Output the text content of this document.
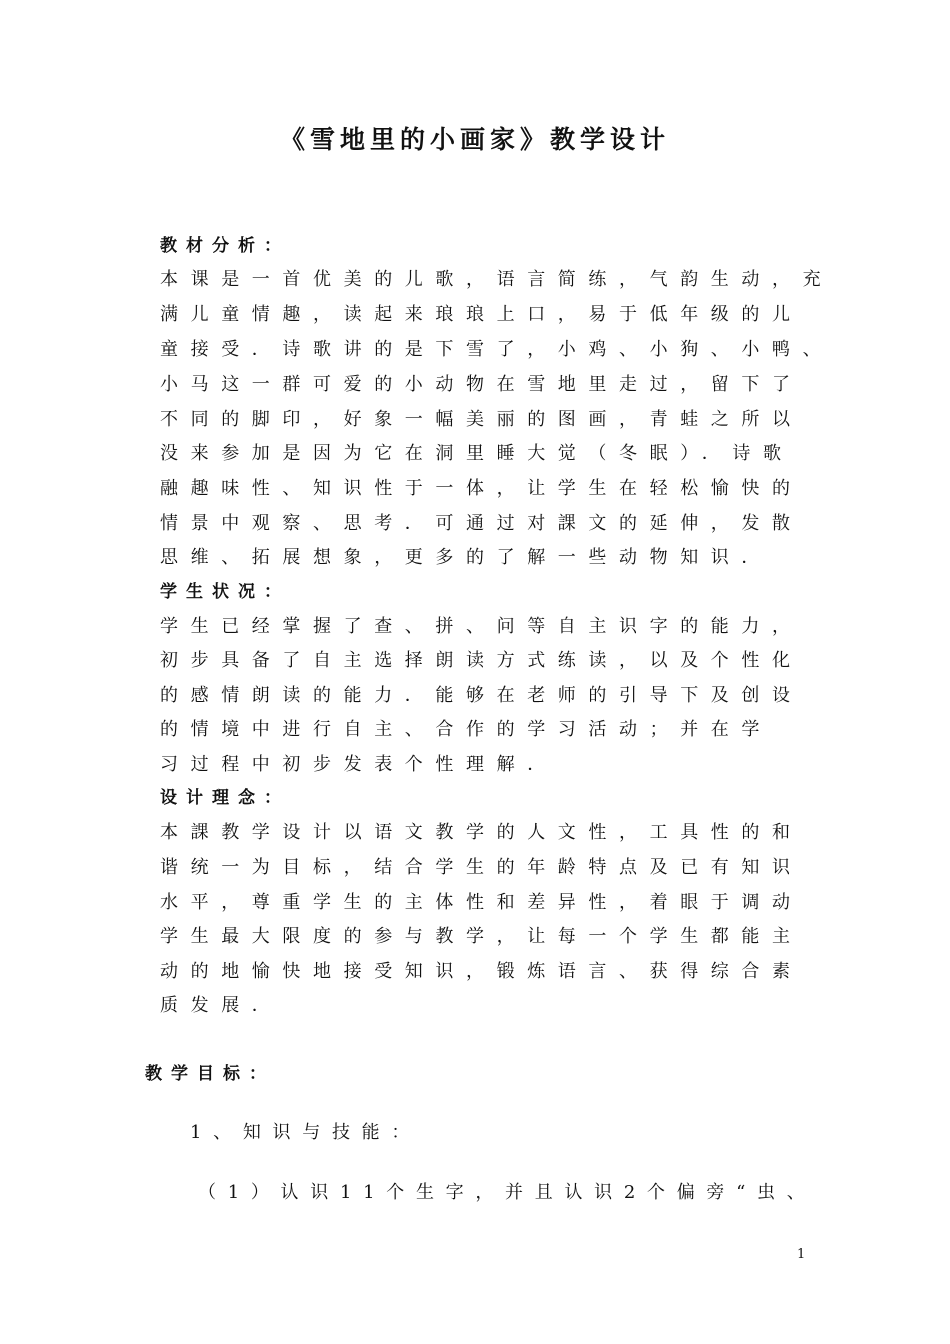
《雪地里的小画家》教学设计
教材分析：

本课是一首优美的儿歌，语言简练，气韵生动，充

满儿童情趣，读起来琅琅上口，易于低年级的儿

童接受．诗歌讲的是下雪了，小鸡、小狗、小鸭、

小马这一群可爱的小动物在雪地里走过，留下了

不同的脚印，好象一幅美丽的图画，青蛙之所以

没来参加是因为它在洞里睡大觉（冬眠）．诗歌

融趣味性、知识性于一体，让学生在轻松愉快的

情景中观察、思考．可通过对課文的延伸，发散

思维、拓展想象，更多的了解一些动物知识．

学生状况：

学生已经掌握了查、拼、问等自主识字的能力，

初步具备了自主选择朗读方式练读，以及个性化

的感情朗读的能力．能够在老师的引导下及创设

的情境中进行自主、合作的学习活动；并在学

习过程中初步发表个性理解．

设计理念：

本課教学设计以语文教学的人文性，工具性的和

谐统一为目标，结合学生的年龄特点及已有知识

水平，尊重学生的主体性和差异性，着眼于调动

学生最大限度的参与教学，让每一个学生都能主

动的地愉快地接受知识，锻炼语言、获得综合素

质发展．

教学目标：
1、知识与技能：
（1）认识11个生字，并且认识2个偏旁“虫、
1
